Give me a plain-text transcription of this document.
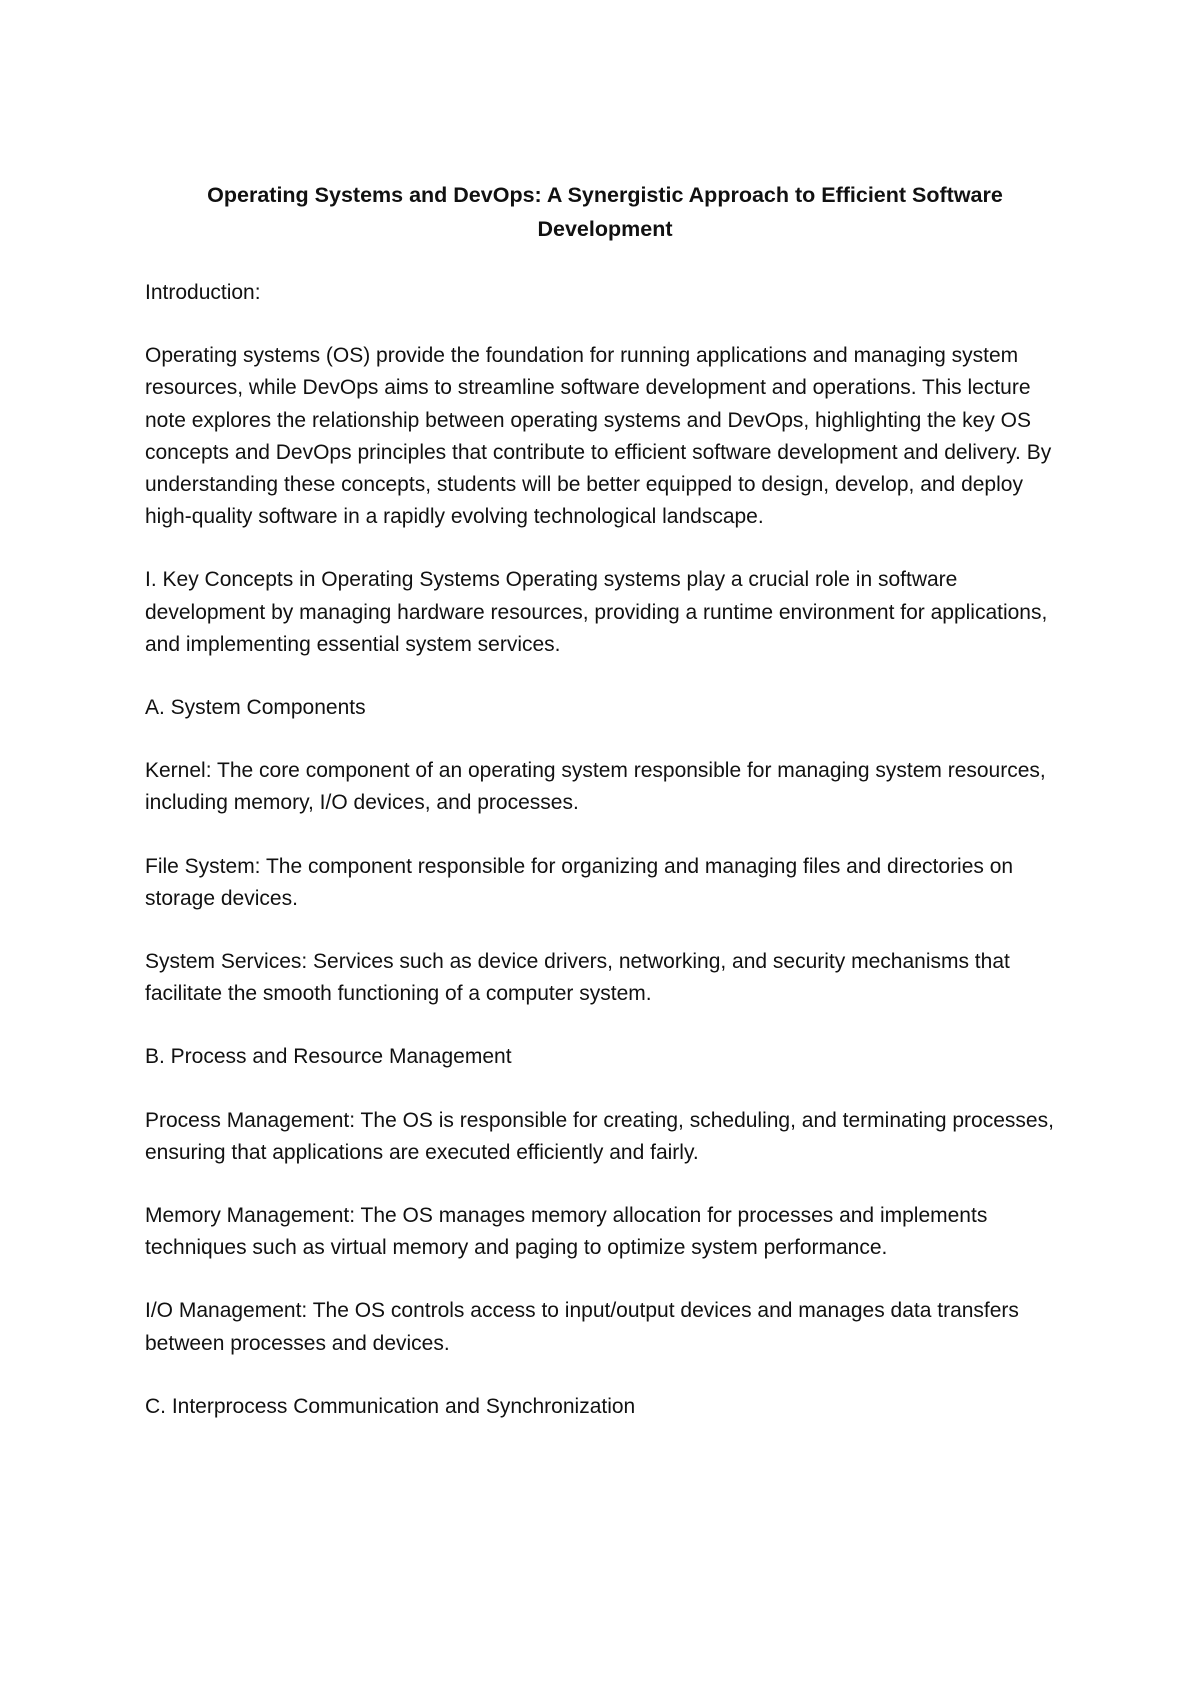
Operating Systems and DevOps: A Synergistic Approach to Efficient Software
Development

Introduction:

Operating systems (OS) provide the foundation for running applications and managing system resources, while DevOps aims to streamline software development and operations. This lecture note explores the relationship between operating systems and DevOps, highlighting the key OS concepts and DevOps principles that contribute to efficient software development and delivery. By understanding these concepts, students will be better equipped to design, develop, and deploy high-quality software in a rapidly evolving technological landscape.

I. Key Concepts in Operating Systems Operating systems play a crucial role in software development by managing hardware resources, providing a runtime environment for applications, and implementing essential system services.

A. System Components

Kernel: The core component of an operating system responsible for managing system resources, including memory, I/O devices, and processes.

File System: The component responsible for organizing and managing files and directories on storage devices.

System Services: Services such as device drivers, networking, and security mechanisms that facilitate the smooth functioning of a computer system.

B. Process and Resource Management

Process Management: The OS is responsible for creating, scheduling, and terminating processes, ensuring that applications are executed efficiently and fairly.

Memory Management: The OS manages memory allocation for processes and implements techniques such as virtual memory and paging to optimize system performance.

I/O Management: The OS controls access to input/output devices and manages data transfers between processes and devices.

C. Interprocess Communication and Synchronization
